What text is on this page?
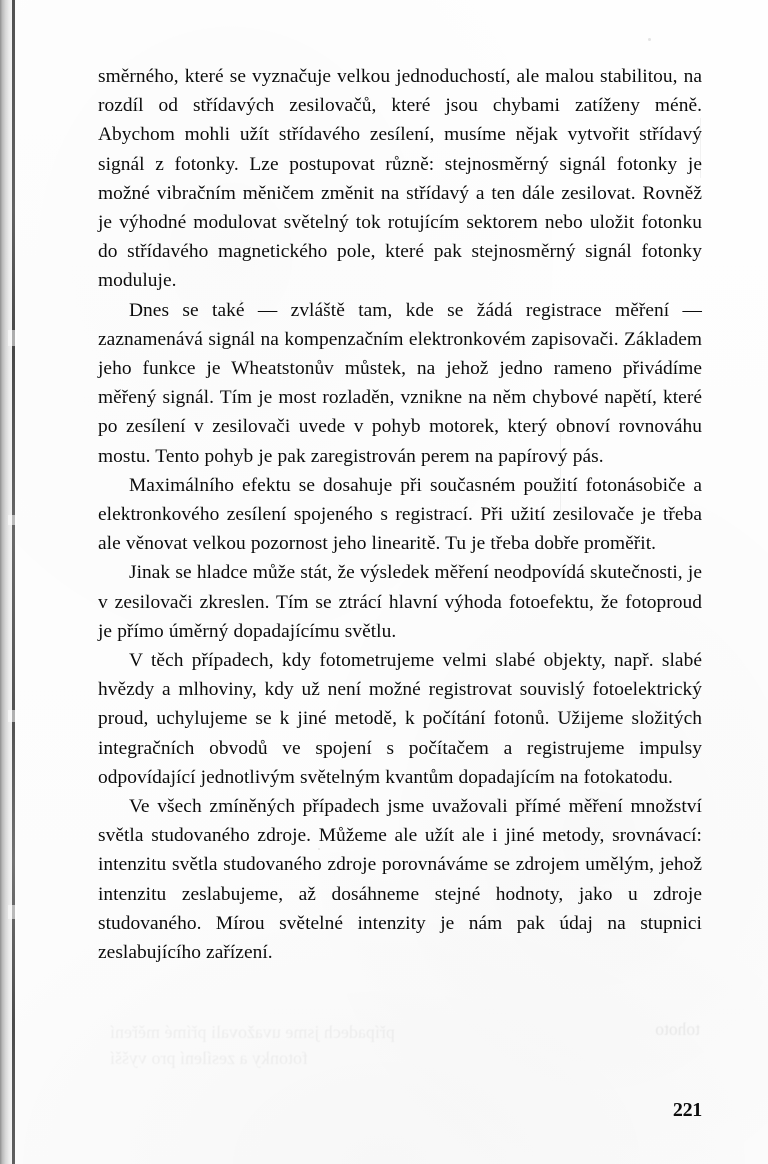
směrného, které se vyznačuje velkou jednoduchostí, ale malou stabilitou, na rozdíl od střídavých zesilovačů, které jsou chybami zatíženy méně. Abychom mohli užít střídavého zesílení, musíme nějak vytvořit střídavý signál z fotonky. Lze postupovat různě: stejnosměrný signál fotonky je možné vibračním měničem změnit na střídavý a ten dále zesilovat. Rovněž je výhodné modulovat světelný tok rotujícím sektorem nebo uložit fotonku do střídavého magnetického pole, které pak stejnosměrný signál fotonky moduluje.

Dnes se také — zvláště tam, kde se žádá registrace měření — zaznamenává signál na kompenzačním elektronkovém zapisovači. Základem jeho funkce je Wheatstonův můstek, na jehož jedno rameno přivádíme měřený signál. Tím je most rozladěn, vznikne na něm chybové napětí, které po zesílení v zesilovači uvede v pohyb motorek, který obnoví rovnováhu mostu. Tento pohyb je pak zaregistrován perem na papírový pás.

Maximálního efektu se dosahuje při současném použití fotonásobiče a elektronkového zesílení spojeného s registrací. Při užití zesilovače je třeba ale věnovat velkou pozornost jeho linearitě. Tu je třeba dobře proměřit.

Jinak se hladce může stát, že výsledek měření neodpovídá skutečnosti, je v zesilovači zkreslen. Tím se ztrácí hlavní výhoda fotoefektu, že fotoproud je přímo úměrný dopadajícímu světlu.

V těch případech, kdy fotometrujeme velmi slabé objekty, např. slabé hvězdy a mlhoviny, kdy už není možné registrovat souvislý fotoelektrický proud, uchylujeme se k jiné metodě, k počítání fotonů. Užijeme složitých integračních obvodů ve spojení s počítačem a registrujeme impulsy odpovídající jednotlivým světelným kvantům dopadajícím na fotokatodu.

Ve všech zmíněných případech jsme uvažovali přímé měření množství světla studovaného zdroje. Můžeme ale užít ale i jiné metody, srovnávací: intenzitu světla studovaného zdroje porovnáváme se zdrojem umělým, jehož intenzitu zeslabujeme, až dosáhneme stejné hodnoty, jako u zdroje studovaného. Mírou světelné intenzity je nám pak údaj na stupnici zeslabujícího zařízení.

případech jsme uvažovali přímé měření
fotonky a zesílení pro vyšší
tohoto
221
